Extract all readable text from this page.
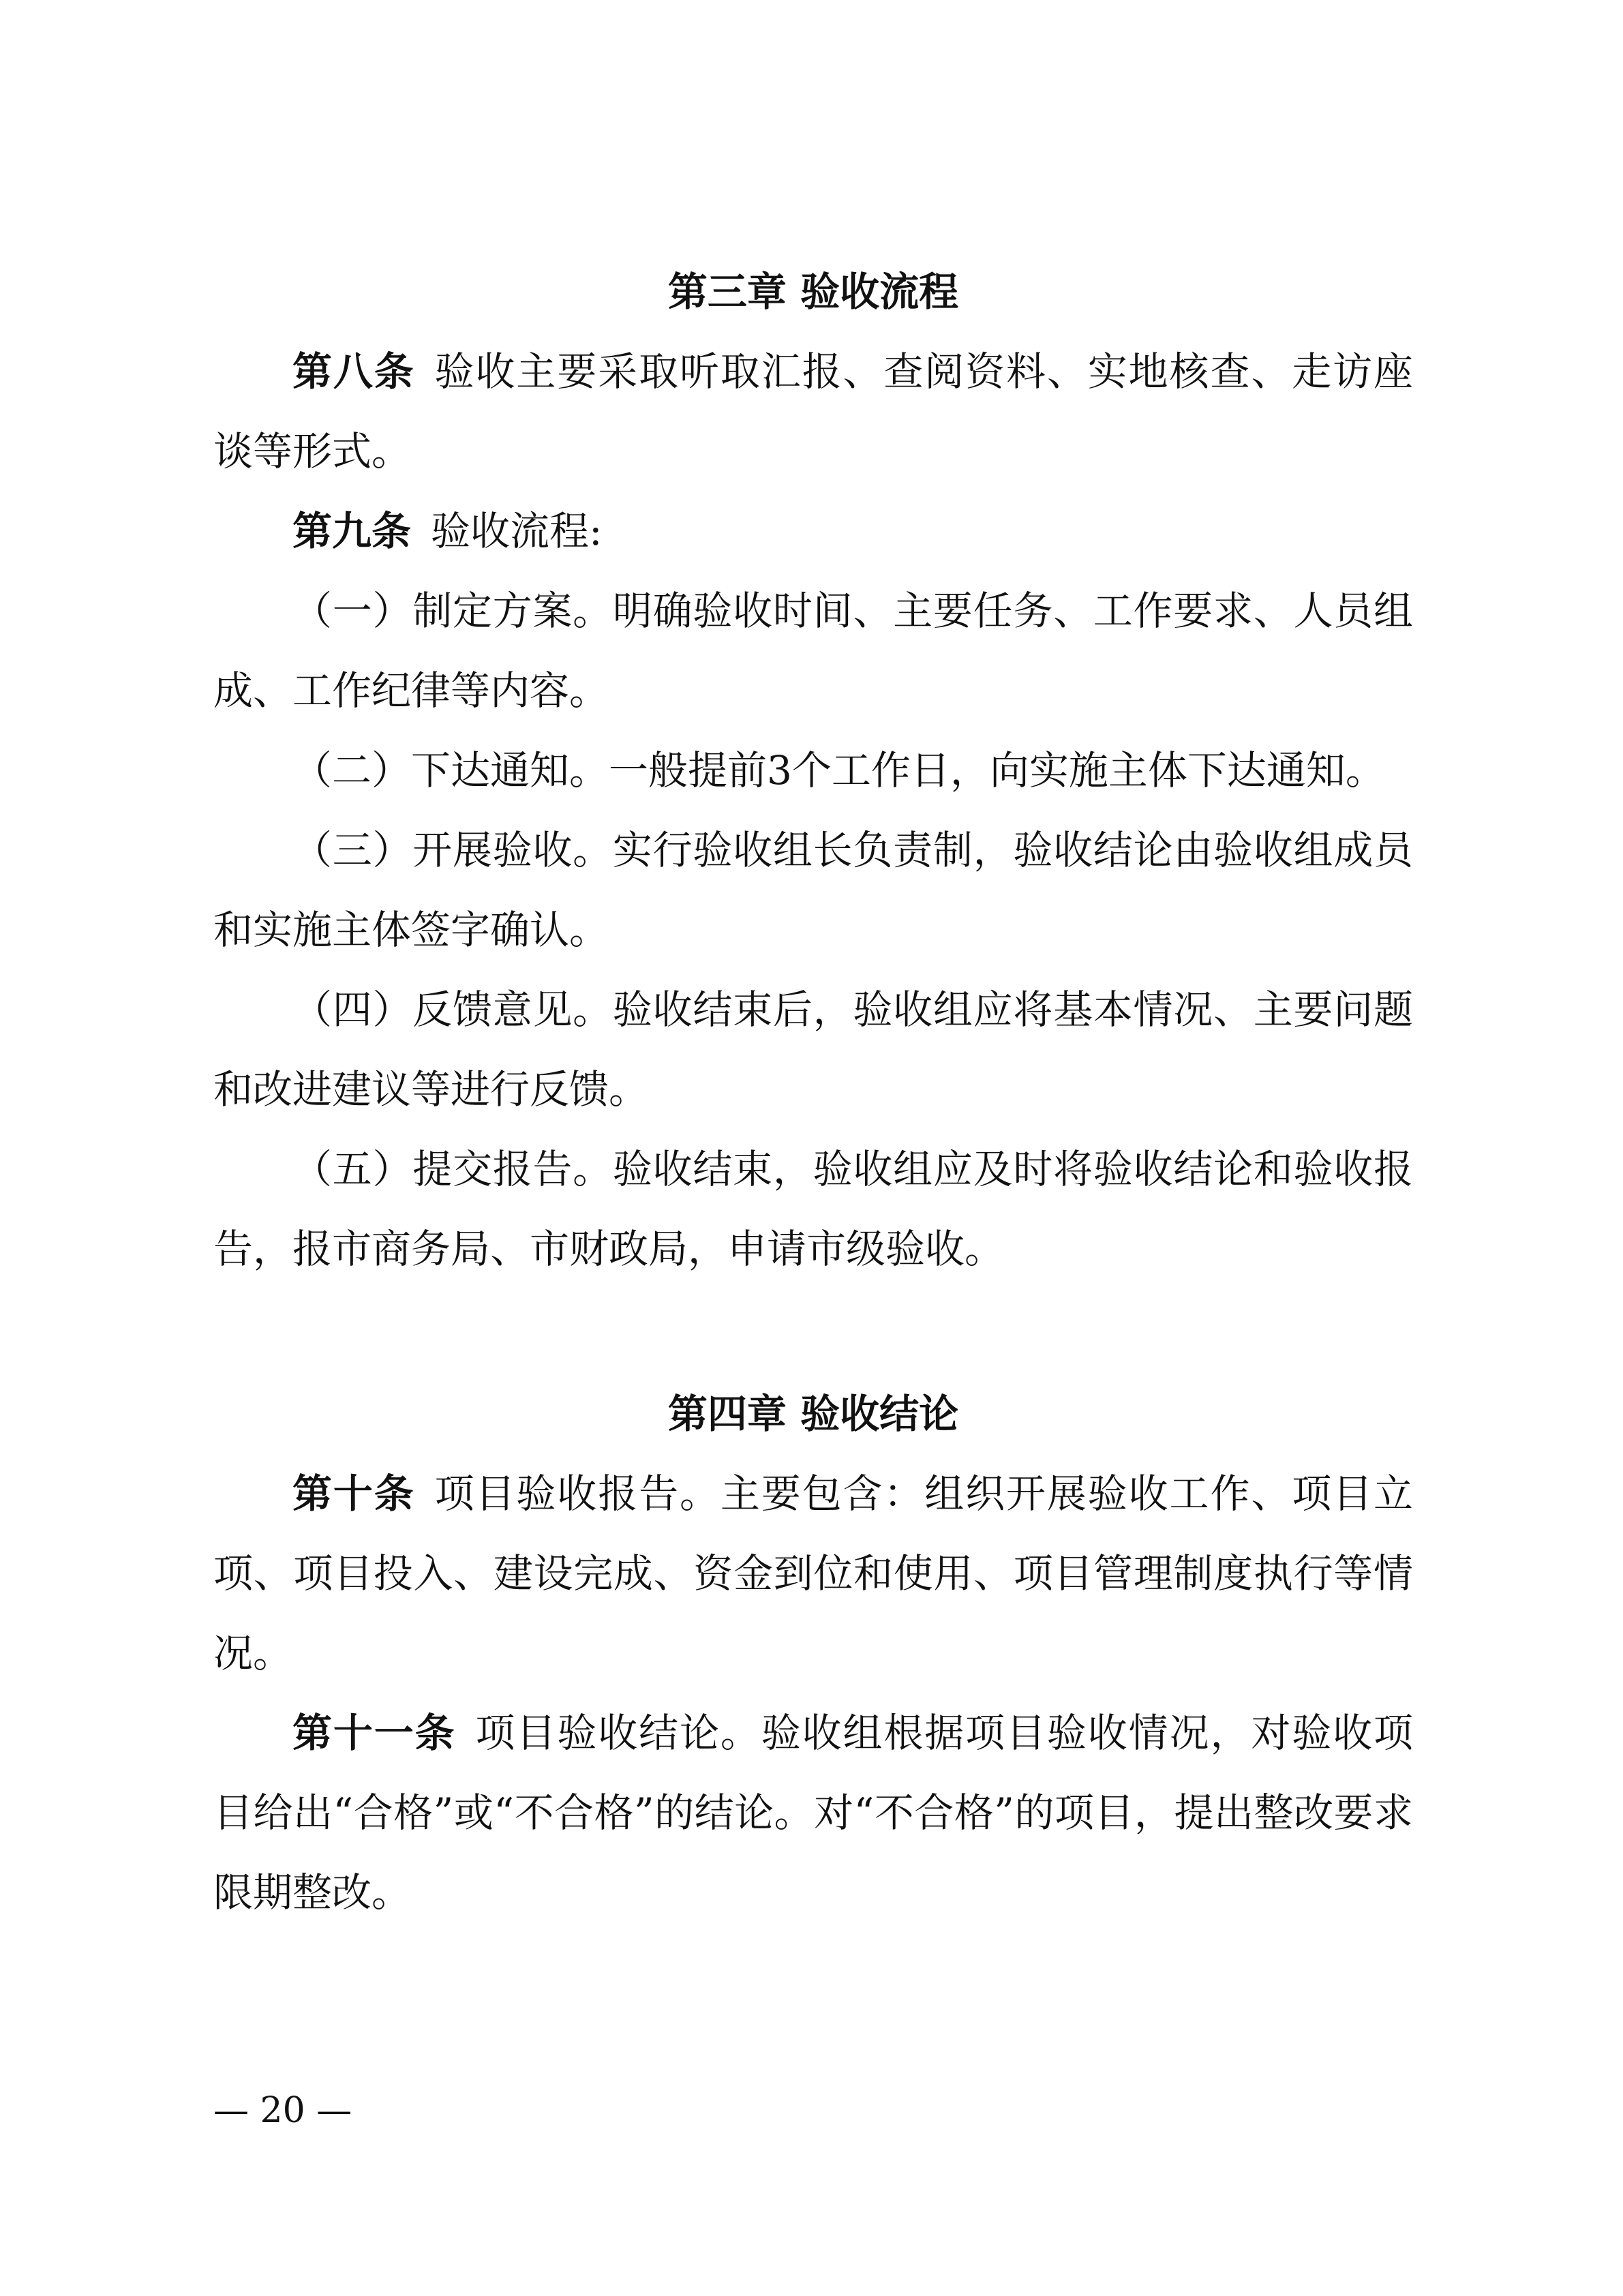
第三章 验收流程

第八条 验收主要采取听取汇报、查阅资料、实地核查、走访座谈等形式。

第九条 验收流程:

（一）制定方案。明确验收时间、主要任务、工作要求、人员组成、工作纪律等内容。

（二）下达通知。一般提前3个工作日，向实施主体下达通知。

（三）开展验收。实行验收组长负责制，验收结论由验收组成员和实施主体签字确认。

（四）反馈意见。验收结束后，验收组应将基本情况、主要问题和改进建议等进行反馈。

（五）提交报告。验收结束，验收组应及时将验收结论和验收报告，报市商务局、市财政局，申请市级验收。

第四章 验收结论

第十条 项目验收报告。主要包含：组织开展验收工作、项目立项、项目投入、建设完成、资金到位和使用、项目管理制度执行等情况。

第十一条 项目验收结论。验收组根据项目验收情况，对验收项目给出“合格”或“不合格”的结论。对“不合格”的项目，提出整改要求限期整改。

— 20 —
